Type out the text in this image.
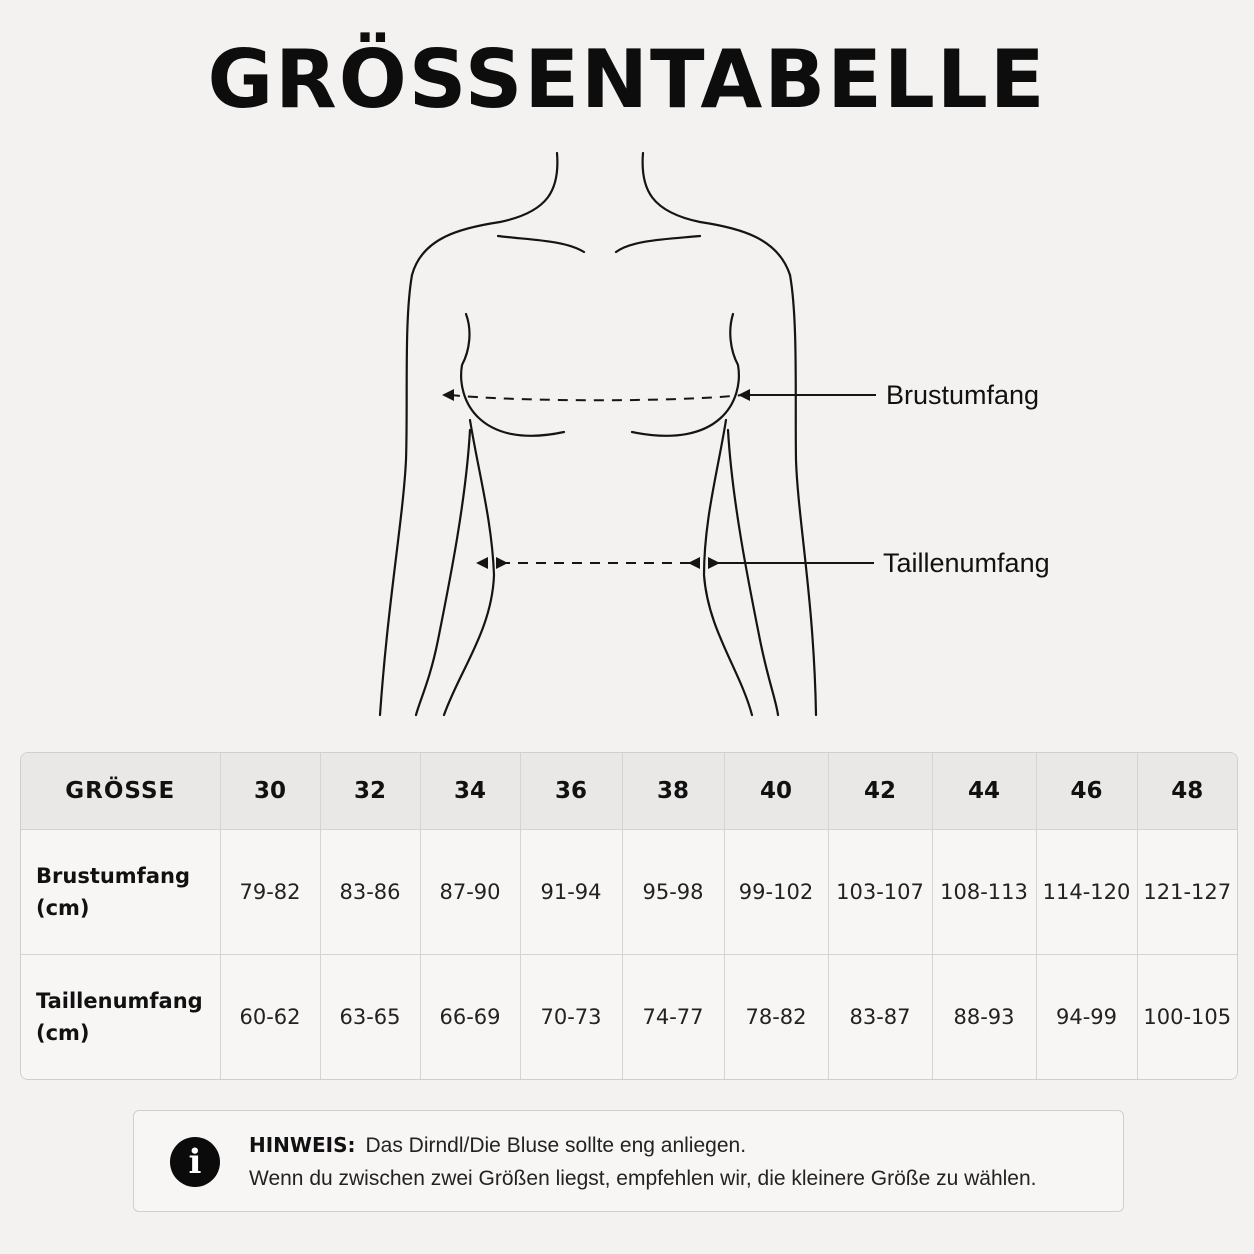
GRÖSSENTABELLE
Brustumfang
Taillenumfang
GRÖSSE	30	32	34	36	38	40	42	44	46	48
Brustumfang
(cm)	79-82	83-86	87-90	91-94	95-98	99-102	103-107	108-113	114-120	121-127
Taillenumfang
(cm)	60-62	63-65	66-69	70-73	74-77	78-82	83-87	88-93	94-99	100-105
i	HINWEIS: Das Dirndl/Die Bluse sollte eng anliegen.
Wenn du zwischen zwei Größen liegst, empfehlen wir, die kleinere Größe zu wählen.
